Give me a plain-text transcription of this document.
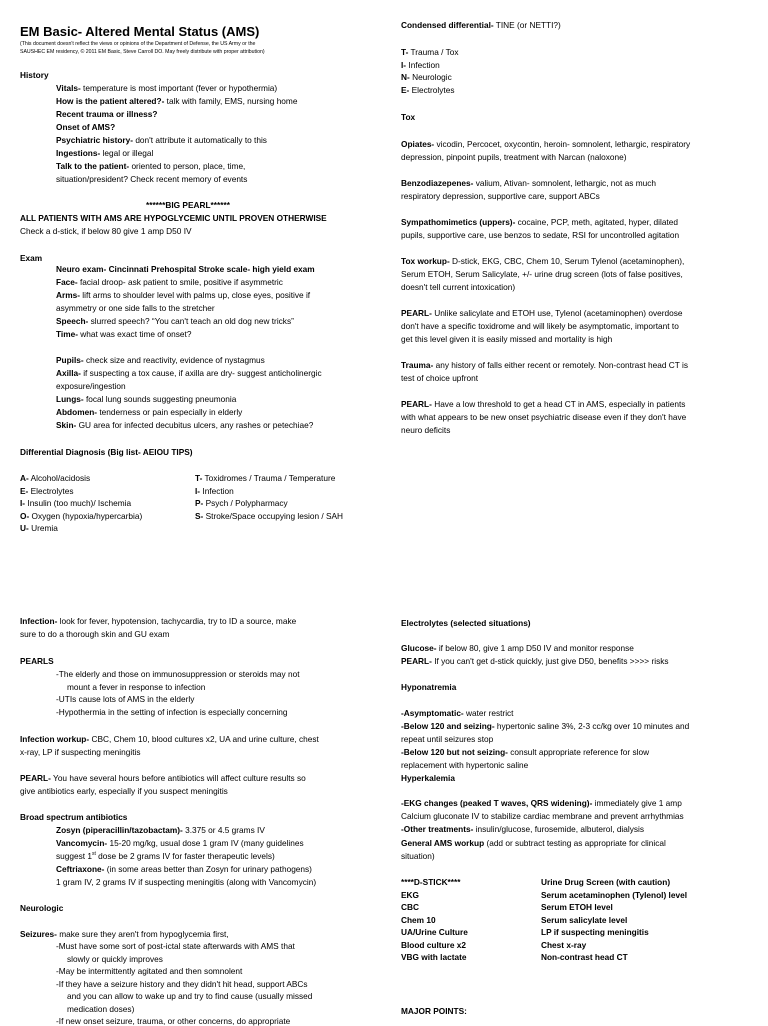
EM Basic- Altered Mental Status (AMS)
(This document doesn't reflect the views or opinions of the Department of Defense, the US Army or the
SAUSHEC EM residency, © 2011 EM Basic, Steve Carroll DO. May freely distribute with proper attribution)
History
******BIG PEARL******
ALL PATIENTS WITH AMS ARE HYPOGLYCEMIC UNTIL PROVEN OTHERWISE
Check a d-stick, if below 80 give 1 amp D50 IV
Exam
Differential Diagnosis (Big list- AEIOU TIPS)
Vitals- temperature is most important (fever or hypothermia)
How is the patient altered?- talk with family, EMS, nursing home
Recent trauma or illness?
Onset of AMS?
Psychiatric history- don't attribute it automatically to this
Ingestions- legal or illegal
Talk to the patient- oriented to person, place, time,
situation/president? Check recent memory of events
Neuro exam- Cincinnati Prehospital Stroke scale- high yield exam
Face- facial droop- ask patient to smile, positive if asymmetric
Arms- lift arms to shoulder level with palms up, close eyes, positive if
asymmetry or one side falls to the stretcher
Speech- slurred speech? “You can't teach an old dog new tricks”
Time- what was exact time of onset?
Pupils- check size and reactivity, evidence of nystagmus
Axilla- if suspecting a tox cause, if axilla are dry- suggest anticholinergic
exposure/ingestion
Lungs- focal lung sounds suggesting pneumonia
Abdomen- tenderness or pain especially in elderly
Skin- GU area for infected decubitus ulcers, any rashes or petechiae?
A- Alcohol/acidosis
E- Electrolytes
I- Insulin (too much)/ Ischemia
O- Oxygen (hypoxia/hypercarbia)
U- Uremia
T- Toxidromes / Trauma / Temperature
I- Infection
P- Psych / Polypharmacy
S- Stroke/Space occupying lesion / SAH
Condensed differential- TINE (or NETTI?)
Tox
T- Trauma / Tox
I- Infection
N- Neurologic
E- Electrolytes
Opiates- vicodin, Percocet, oxycontin, heroin- somnolent, lethargic, respiratory
depression, pinpoint pupils, treatment with Narcan (naloxone)
Benzodiazepenes- valium, Ativan- somnolent, lethargic, not as much
respiratory depression, supportive care, support ABCs
Sympathomimetics (uppers)- cocaine, PCP, meth, agitated, hyper, dilated
pupils, supportive care, use benzos to sedate, RSI for uncontrolled agitation
Tox workup- D-stick, EKG, CBC, Chem 10, Serum Tylenol (acetaminophen),
Serum ETOH, Serum Salicylate, +/- urine drug screen (lots of false positives,
doesn't tell current intoxication)
PEARL- Unlike salicylate and ETOH use, Tylenol (acetaminophen) overdose
don't have a specific toxidrome and will likely be asymptomatic, important to
get this level given it is easily missed and mortality is high
Trauma- any history of falls either recent or remotely. Non-contrast head CT is
test of choice upfront
PEARL- Have a low threshold to get a head CT in AMS, especially in patients
with what appears to be new onset psychiatric disease even if they don't have
neuro deficits
Infection- look for fever, hypotension, tachycardia, try to ID a source, make
sure to do a thorough skin and GU exam
PEARLS
-The elderly and those on immunosuppression or steroids may not
mount a fever in response to infection
-UTIs cause lots of AMS in the elderly
-Hypothermia in the setting of infection is especially concerning
Infection workup- CBC, Chem 10, blood cultures x2, UA and urine culture, chest
x-ray, LP if suspecting meningitis
PEARL- You have several hours before antibiotics will affect culture results so
give antibiotics early, especially if you suspect meningitis
Broad spectrum antibiotics
Zosyn (piperacillin/tazobactam)- 3.375 or 4.5 grams IV
Vancomycin- 15-20 mg/kg, usual dose 1 gram IV (many guidelines
suggest 1st dose be 2 grams IV for faster therapeutic levels)
Ceftriaxone- (in some areas better than Zosyn for urinary pathogens)
1 gram IV, 2 grams IV if suspecting meningitis (along with Vancomycin)
Neurologic
Seizures- make sure they aren't from hypoglycemia first,
-Must have some sort of post-ictal state afterwards with AMS that
slowly or quickly improves
-May be intermittently agitated and then somnolent
-If they have a seizure history and they didn't hit head, support ABCs
and you can allow to wake up and try to find cause (usually missed
medication doses)
-If new onset seizure, trauma, or other concerns, do appropriate
Electrolytes (selected situations)
Glucose- if below 80, give 1 amp D50 IV and monitor response
PEARL- If you can't get d-stick quickly, just give D50, benefits >>>> risks
Hyponatremia
-Asymptomatic- water restrict
-Below 120 and seizing- hypertonic saline 3%, 2-3 cc/kg over 10 minutes and
repeat until seizures stop
-Below 120 but not seizing- consult appropriate reference for slow
replacement with hypertonic saline
Hyperkalemia
-EKG changes (peaked T waves, QRS widening)- immediately give 1 amp
Calcium gluconate IV to stabilize cardiac membrane and prevent arrhythmias
-Other treatments- insulin/glucose, furosemide, albuterol, dialysis
General AMS workup (add or subtract testing as appropriate for clinical
situation)
****D-STICK****
EKG
CBC
Chem 10
UA/Urine Culture
Blood culture x2
VBG with lactate
Urine Drug Screen (with caution)
Serum acetaminophen (Tylenol) level
Serum ETOH level
Serum salicylate level
LP if suspecting meningitis
Chest x-ray
Non-contrast head CT
MAJOR POINTS:
